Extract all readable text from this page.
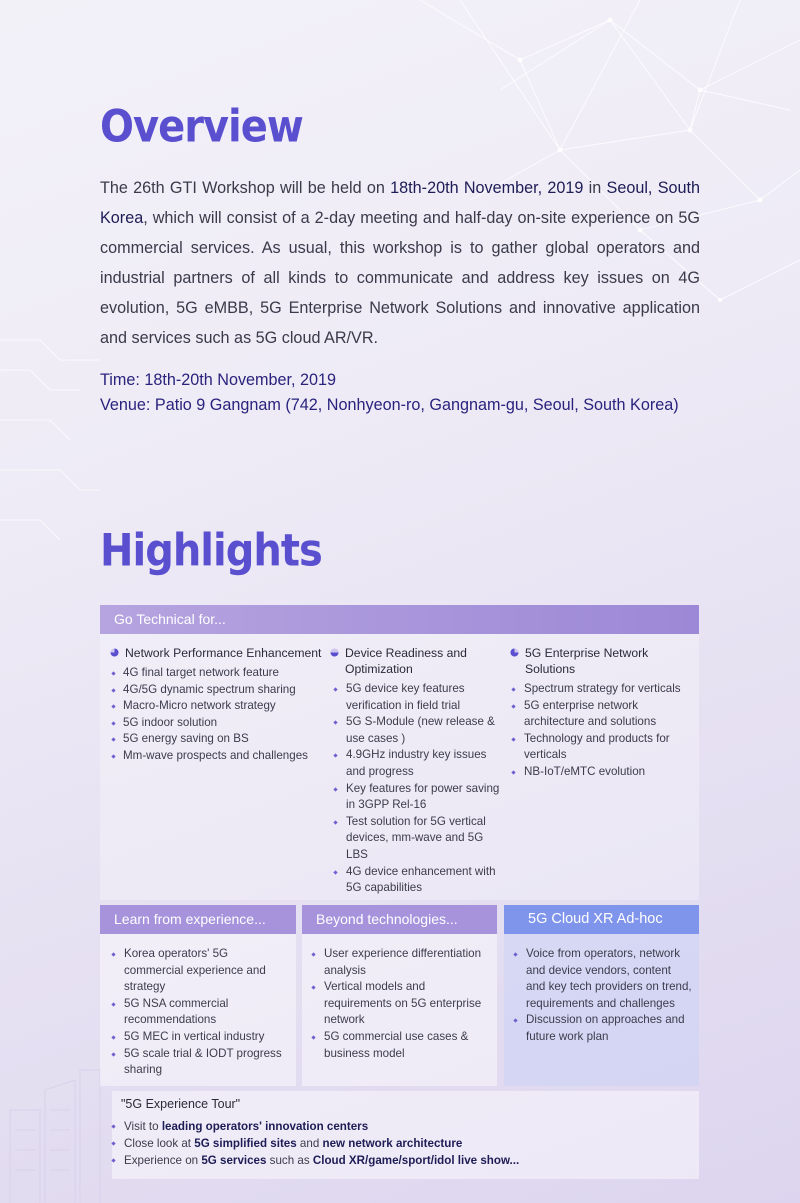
Overview

The 26th GTI Workshop will be held on 18th-20th November, 2019 in Seoul, South Korea, which will consist of a 2-day meeting and half-day on-site experience on 5G commercial services. As usual, this workshop is to gather global operators and industrial partners of all kinds to communicate and address key issues on 4G evolution, 5G eMBB, 5G Enterprise Network Solutions and innovative application and services such as 5G cloud AR/VR.

Time: 18th-20th November, 2019
Venue: Patio 9 Gangnam (742, Nonhyeon-ro, Gangnam-gu, Seoul, South Korea)
Highlights
Go Technical for...
Network Performance Enhancement
4G final target network feature
4G/5G dynamic spectrum sharing
Macro-Micro network strategy
5G indoor solution
5G energy saving on BS
Mm-wave prospects and challenges
Device Readiness and Optimization
5G device key features verification in field trial
5G S-Module (new release & use cases )
4.9GHz industry key issues and progress
Key features for power saving in 3GPP Rel-16
Test solution for 5G vertical devices, mm-wave and 5G LBS
4G device enhancement with 5G capabilities
5G Enterprise Network Solutions
Spectrum strategy for verticals
5G enterprise network architecture and solutions
Technology and products for verticals
NB-IoT/eMTC evolution
Learn from experience...	Beyond technologies...	5G Cloud XR Ad-hoc
Korea operators' 5G commercial experience and strategy
5G NSA commercial recommendations
5G MEC in vertical industry
5G scale trial & IODT progress sharing
User experience differentiation analysis
Vertical models and requirements on 5G enterprise network
5G commercial use cases & business model
Voice from operators, network and device vendors, content and key tech providers on trend, requirements and challenges
Discussion on approaches and future work plan
"5G Experience Tour"
Visit to leading operators' innovation centers
Close look at 5G simplified sites and new network architecture
Experience on 5G services such as Cloud XR/game/sport/idol live show...
